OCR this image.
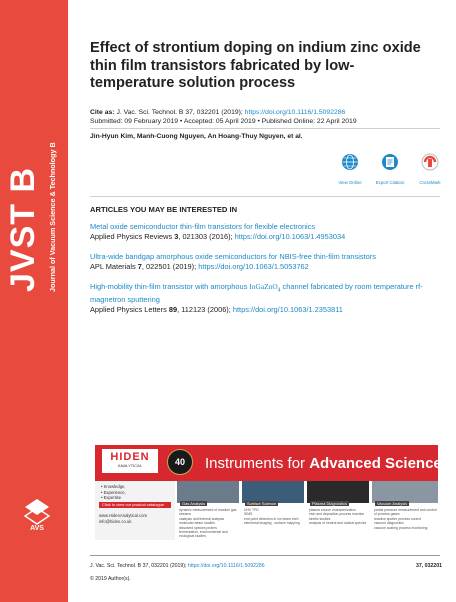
Journal of Vacuum Science & Technology B
AVS
Effect of strontium doping on indium zinc oxide thin film transistors fabricated by low-temperature solution process
Cite as: J. Vac. Sci. Technol. B 37, 032201 (2019); https://doi.org/10.1116/1.5092286
Submitted: 09 February 2019 • Accepted: 05 April 2019 • Published Online: 22 April 2019
Jin-Hyun Kim, Manh-Cuong Nguyen, An Hoang-Thuy Nguyen, et al.
View Online	Export Citation	CrossMark
ARTICLES YOU MAY BE INTERESTED IN
Metal oxide semiconductor thin-film transistors for flexible electronics
Applied Physics Reviews 3, 021303 (2016); https://doi.org/10.1063/1.4953034
Ultra-wide bandgap amorphous oxide semiconductors for NBIS-free thin-film transistors
APL Materials 7, 022501 (2019); https://doi.org/10.1063/1.5053762
High-mobility thin-film transistor with amorphous InGaZnO$_4$ channel fabricated by room temperature rf-magnetron sputtering
Applied Physics Letters 89, 112123 (2006); https://doi.org/10.1063/1.2353811
HIDEN
ANALYTICAL	40	Instruments for Advanced Science
• Knowledge,
• Experience,
• Expertise
Click to view our product catalogue
www.HidenAnalytical.com
info@hiden.co.uk
Gas Analysis
dynamic measurement of reaction gas streams
catalysis and thermal analysis
molecular beam studies
dissolved species probes
fermentation, environmental and ecological studies
Surface Science
UHV TPD
SIMS
end point detection in ion beam etch
elemental imaging - surface mapping
Plasma Diagnostics
plasma source characterization
etch and deposition process reaction kinetic studies
analysis of neutral and radical species
Vacuum Analysis
partial pressure measurement and control of process gases
reactive sputter process control
vacuum diagnostics
vacuum coating process monitoring
J. Vac. Sci. Technol. B 37, 032201 (2019); https://doi.org/10.1116/1.5092286	37, 032201
© 2019 Author(s).
